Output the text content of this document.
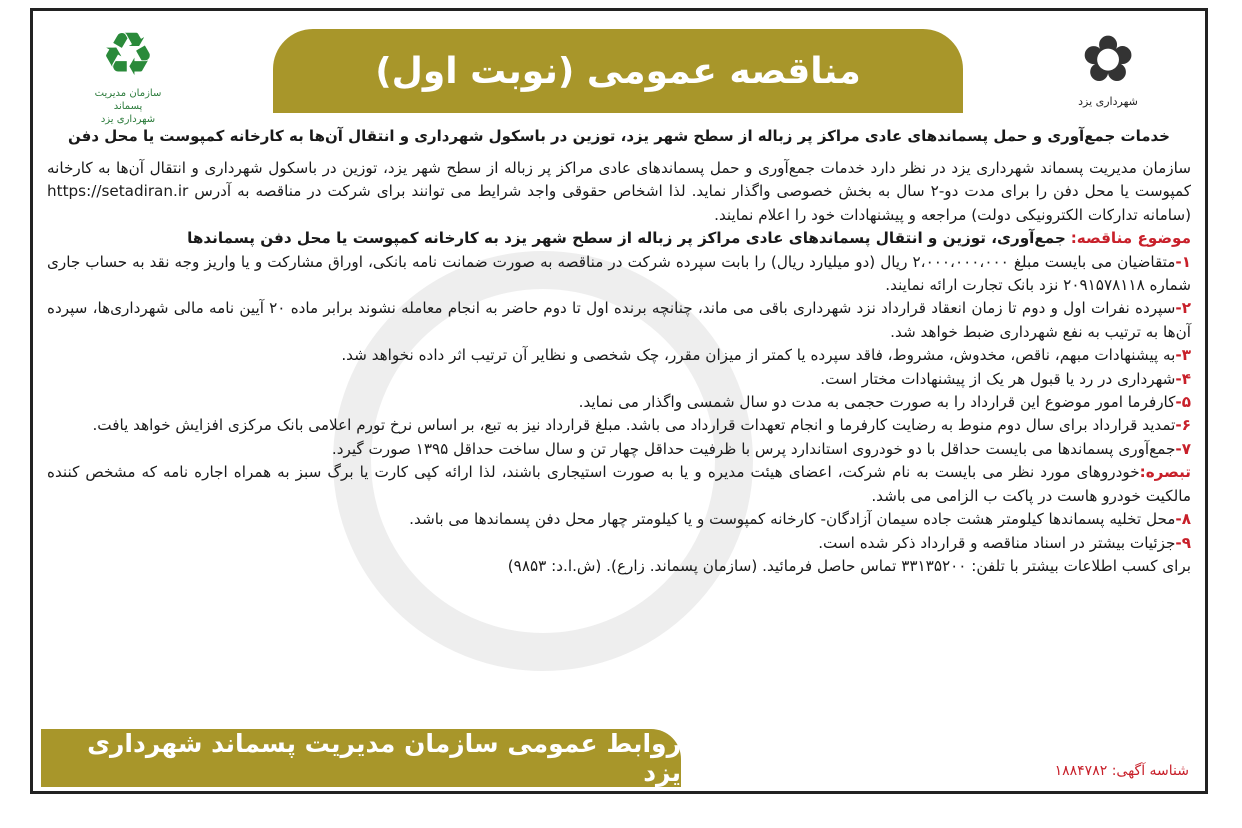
♻
سازمان مدیریت پسماند
شهرداری یزد
مناقصه عمومی (نوبت اول)	✿
شهرداری یزد
خدمات جمع‌آوری و حمل پسماندهای عادی مراکز پر زباله از سطح شهر یزد، توزین در باسکول شهرداری و انتقال آن‌ها به کارخانه کمپوست یا محل دفن

سازمان مدیریت پسماند شهرداری یزد در نظر دارد خدمات جمع‌آوری و حمل پسماندهای عادی مراکز پر زباله از سطح شهر یزد، توزین در باسکول شهرداری و انتقال آن‌ها به کارخانه کمپوست یا محل دفن را برای مدت دو-۲ سال به بخش خصوصی واگذار نماید. لذا اشخاص حقوقی واجد شرایط می توانند برای شرکت در مناقصه به آدرس https://setadiran.ir (سامانه تدارکات الکترونیکی دولت) مراجعه و پیشنهادات خود را اعلام نمایند.

موضوع مناقصه: جمع‌آوری، توزین و انتقال پسماندهای عادی مراکز پر زباله از سطح شهر یزد به کارخانه کمپوست یا محل دفن پسماندها

۱-متقاضیان می بایست مبلغ ۲،۰۰۰،۰۰۰،۰۰۰ ریال (دو میلیارد ریال) را بابت سپرده شرکت در مناقصه به صورت ضمانت نامه بانکی، اوراق مشارکت و یا واریز وجه نقد به حساب جاری شماره ۲۰۹۱۵۷۸۱۱۸ نزد بانک تجارت ارائه نمایند.

۲-سپرده نفرات اول و دوم تا زمان انعقاد قرارداد نزد شهرداری باقی می ماند، چنانچه برنده اول تا دوم حاضر به انجام معامله نشوند برابر ماده ۲۰ آیین نامه مالی شهرداری‌ها، سپرده آن‌ها به ترتیب به نفع شهرداری ضبط خواهد شد.

۳-به پیشنهادات مبهم، ناقص، مخدوش، مشروط، فاقد سپرده یا کمتر از میزان مقرر، چک شخصی و نظایر آن ترتیب اثر داده نخواهد شد.

۴-شهرداری در رد یا قبول هر یک از پیشنهادات مختار است.

۵-کارفرما امور موضوع این قرارداد را به صورت حجمی به مدت دو سال شمسی واگذار می نماید.

۶-تمدید قرارداد برای سال دوم منوط به رضایت کارفرما و انجام تعهدات قرارداد می باشد. مبلغ قرارداد نیز به تبع، بر اساس نرخ تورم اعلامی بانک مرکزی افزایش خواهد یافت.

۷-جمع‌آوری پسماندها می بایست حداقل با دو خودروی استاندارد پرس با ظرفیت حداقل چهار تن و سال ساخت حداقل ۱۳۹۵ صورت گیرد.

تبصره:خودروهای مورد نظر می بایست به نام شرکت، اعضای هیئت مدیره و یا به صورت استیجاری باشند، لذا ارائه کپی کارت یا برگ سبز به همراه اجاره نامه که مشخص کننده مالکیت خودرو هاست در پاکت ب الزامی می باشد.

۸-محل تخلیه پسماندها کیلومتر هشت جاده سیمان آزادگان- کارخانه کمپوست و یا کیلومتر چهار محل دفن پسماندها می باشد.

۹-جزئیات بیشتر در اسناد مناقصه و قرارداد ذکر شده است.

برای کسب اطلاعات بیشتر با تلفن: ۳۳۱۳۵۲۰۰ تماس حاصل فرمائید. (سازمان پسماند. زارع). (ش.ا.د: ۹۸۵۳)

روابط عمومی سازمان مدیریت پسماند شهرداری یزد	شناسه آگهی: ۱۸۸۴۷۸۲
